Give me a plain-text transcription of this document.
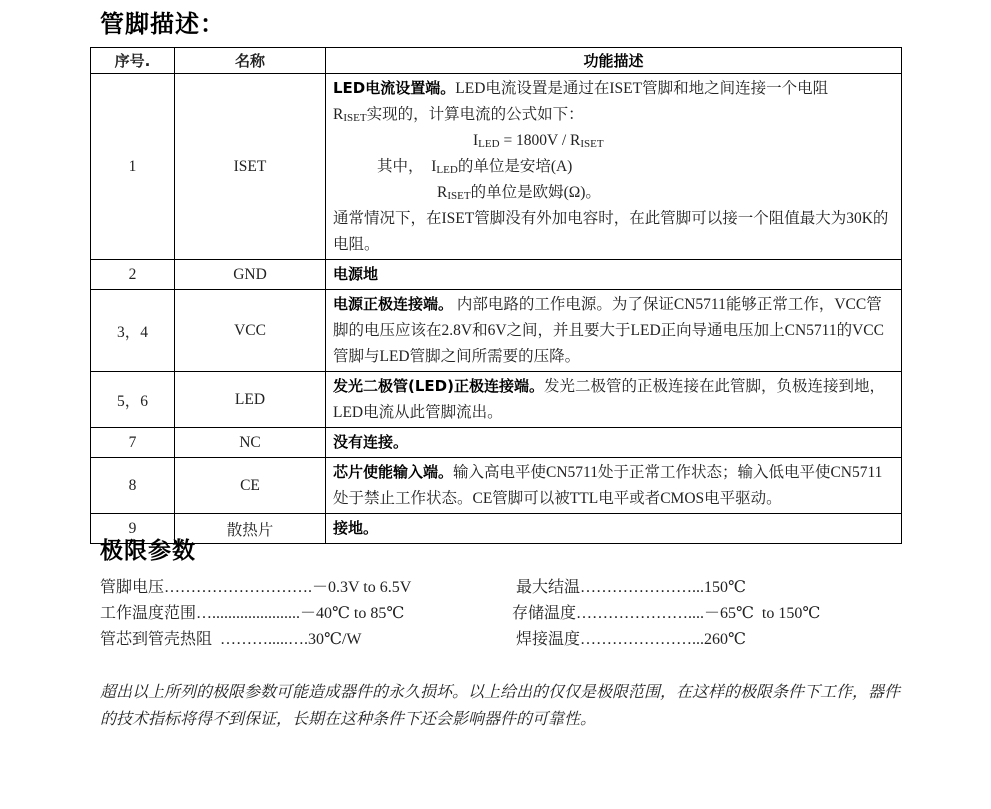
管脚描述：
序号.	名称	功能描述
1	ISET	
LED电流设置端。LED电流设置是通过在ISET管脚和地之间连接一个电阻
$R_{ISET}$实现的，计算电流的公式如下：
$I_{LED} = 1800V / R_{ISET}$
其中，  $I_{LED}$的单位是安培(A)
$R_{ISET}$的单位是欧姆(Ω)。
通常情况下，在ISET管脚没有外加电容时，在此管脚可以接一个阻值最大为30K的电阻。

2	GND	电源地
3，4	VCC	电源正极连接端。 内部电路的工作电源。为了保证CN5711能够正常工作，VCC管脚的电压应该在2.8V和6V之间，并且要大于LED正向导通电压加上CN5711的VCC管脚与LED管脚之间所需要的压降。
5，6	LED	发光二极管(LED)正极连接端。发光二极管的正极连接在此管脚，负极连接到地，LED电流从此管脚流出。
7	NC	没有连接。
8	CE	芯片使能输入端。输入高电平使CN5711处于正常工作状态；输入低电平使CN5711处于禁止工作状态。CE管脚可以被TTL电平或者CMOS电平驱动。
9	散热片	接地。
极限参数
管脚电压……………………….－0.3V to 6.5V
工作温度范围…......................－40℃ to 85℃
管芯到管壳热阻  ……….....….30℃/W
最大结温…………………...150℃
存储温度…………………....－65℃  to 150℃
焊接温度…………………...260℃
超出以上所列的极限参数可能造成器件的永久损坏。以上给出的仅仅是极限范围，在这样的极限条件下工作，器件的技术指标将得不到保证，长期在这种条件下还会影响器件的可靠性。
